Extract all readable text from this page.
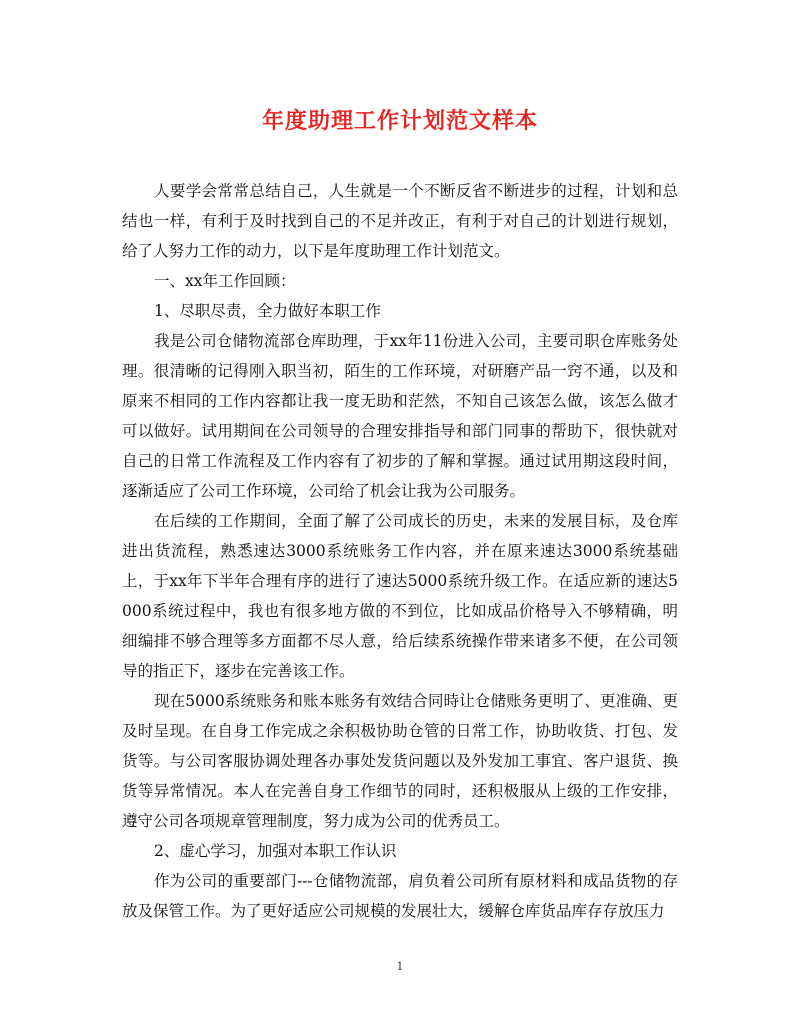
年度助理工作计划范文样本

人要学会常常总结自己，人生就是一个不断反省不断进步的过程，计划和总结也一样，有利于及时找到自己的不足并改正，有利于对自己的计划进行规划，给了人努力工作的动力，以下是年度助理工作计划范文。

一、xx年工作回顾：

1、尽职尽责，全力做好本职工作

我是公司仓储物流部仓库助理，于xx年11份进入公司，主要司职仓库账务处理。很清晰的记得刚入职当初，陌生的工作环境，对研磨产品一窍不通，以及和原来不相同的工作内容都让我一度无助和茫然，不知自己该怎么做，该怎么做才可以做好。试用期间在公司领导的合理安排指导和部门同事的帮助下，很快就对自己的日常工作流程及工作内容有了初步的了解和掌握。通过试用期这段时间，逐渐适应了公司工作环境，公司给了机会让我为公司服务。

在后续的工作期间，全面了解了公司成长的历史，未来的发展目标，及仓库进出货流程，熟悉速达3000系统账务工作内容，并在原来速达3000系统基础上，于xx年下半年合理有序的进行了速达5000系统升级工作。在适应新的速达5000系统过程中，我也有很多地方做的不到位，比如成品价格导入不够精确，明细编排不够合理等多方面都不尽人意，给后续系统操作带来诸多不便，在公司领导的指正下，逐步在完善该工作。

现在5000系统账务和账本账务有效结合同時让仓储账务更明了、更准确、更及时呈现。在自身工作完成之余积极协助仓管的日常工作，协助收货、打包、发货等。与公司客服协调处理各办事处发货问题以及外发加工事宜、客户退货、换货等异常情况。本人在完善自身工作细节的同时，还积极服从上级的工作安排，遵守公司各项规章管理制度，努力成为公司的优秀员工。

2、虚心学习，加强对本职工作认识

作为公司的重要部门---仓储物流部，肩负着公司所有原材料和成品货物的存放及保管工作。为了更好适应公司规模的发展壮大，缓解仓库货品库存存放压力

1
